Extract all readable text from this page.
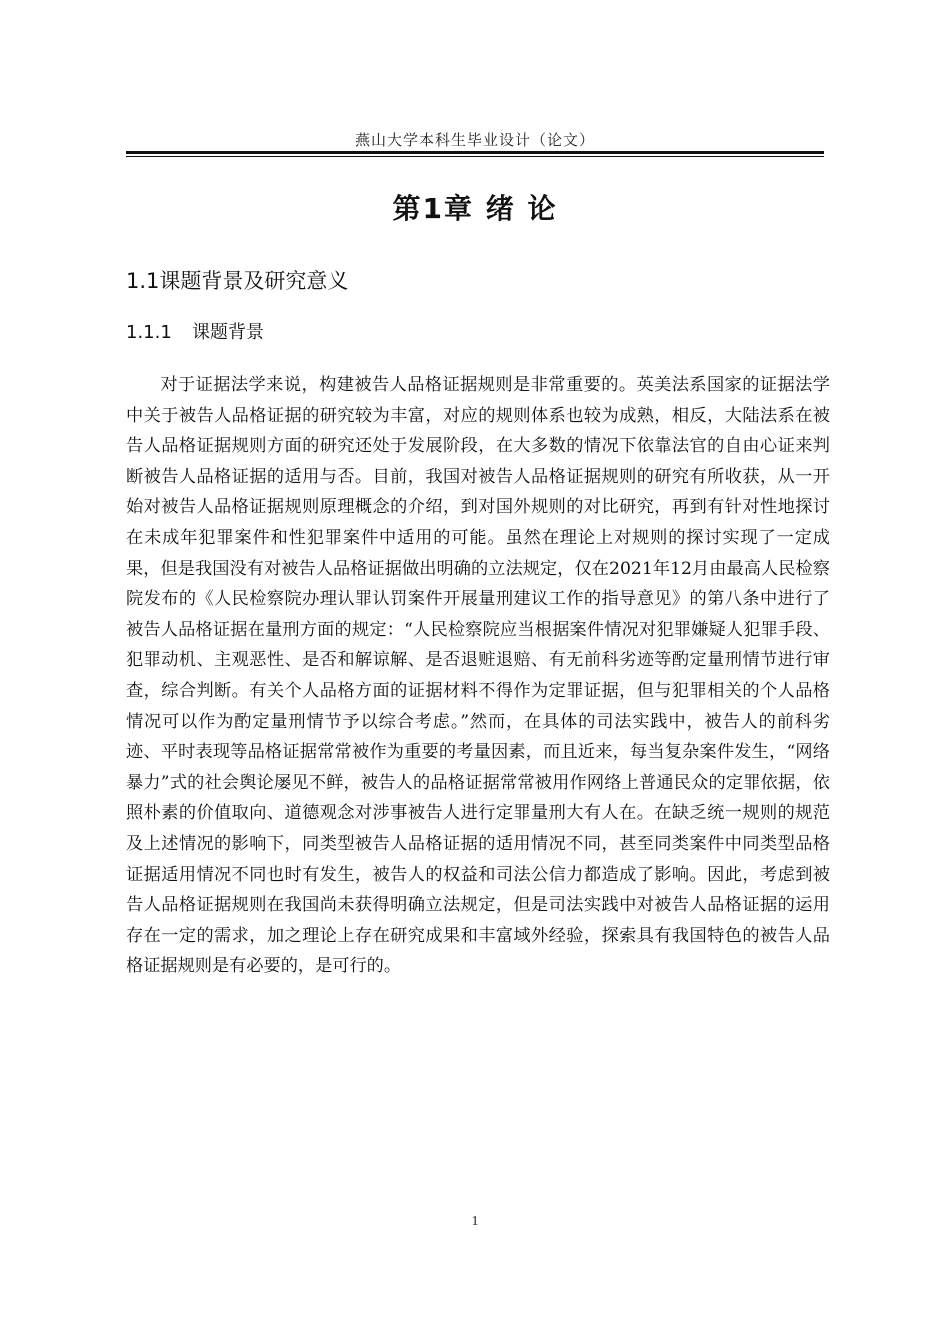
燕山大学本科生毕业设计（论文）
第1章 绪 论
1.1课题背景及研究意义
1.1.1 课题背景

对于证据法学来说，构建被告人品格证据规则是非常重要的。英美法系国家的证据法学中关于被告人品格证据的研究较为丰富，对应的规则体系也较为成熟，相反，大陆法系在被告人品格证据规则方面的研究还处于发展阶段，在大多数的情况下依靠法官的自由心证来判断被告人品格证据的适用与否。目前，我国对被告人品格证据规则的研究有所收获，从一开始对被告人品格证据规则原理概念的介绍，到对国外规则的对比研究，再到有针对性地探讨在未成年犯罪案件和性犯罪案件中适用的可能。虽然在理论上对规则的探讨实现了一定成果，但是我国没有对被告人品格证据做出明确的立法规定，仅在2021年12月由最高人民检察院发布的《人民检察院办理认罪认罚案件开展量刑建议工作的指导意见》的第八条中进行了被告人品格证据在量刑方面的规定：“人民检察院应当根据案件情况对犯罪嫌疑人犯罪手段、犯罪动机、主观恶性、是否和解谅解、是否退赃退赔、有无前科劣迹等酌定量刑情节进行审查，综合判断。有关个人品格方面的证据材料不得作为定罪证据，但与犯罪相关的个人品格情况可以作为酌定量刑情节予以综合考虑。”然而，在具体的司法实践中，被告人的前科劣迹、平时表现等品格证据常常被作为重要的考量因素，而且近来，每当复杂案件发生，“网络暴力”式的社会舆论屡见不鲜，被告人的品格证据常常被用作网络上普通民众的定罪依据，依照朴素的价值取向、道德观念对涉事被告人进行定罪量刑大有人在。在缺乏统一规则的规范及上述情况的影响下，同类型被告人品格证据的适用情况不同，甚至同类案件中同类型品格证据适用情况不同也时有发生，被告人的权益和司法公信力都造成了影响。因此，考虑到被告人品格证据规则在我国尚未获得明确立法规定，但是司法实践中对被告人品格证据的运用存在一定的需求，加之理论上存在研究成果和丰富域外经验，探索具有我国特色的被告人品格证据规则是有必要的，是可行的。

1
